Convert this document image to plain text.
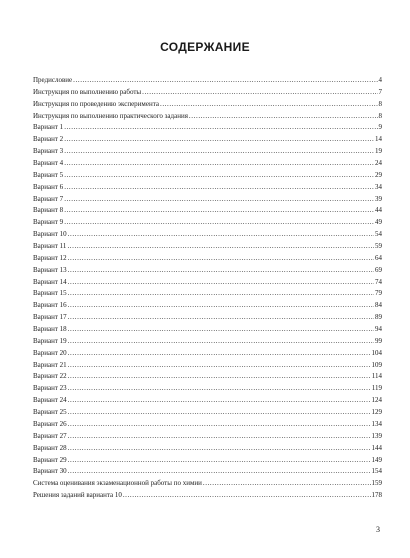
СОДЕРЖАНИЕ
Предисловие .....	4
Инструкция по выполнению работы .....	7
Инструкция по проведению эксперимента .....	8
Инструкция по выполнению практического задания .....	8
Вариант 1 .....	9
Вариант 2 .....	14
Вариант 3 .....	19
Вариант 4 .....	24
Вариант 5 .....	29
Вариант 6 .....	34
Вариант 7 .....	39
Вариант 8 .....	44
Вариант 9 .....	49
Вариант 10 .....	54
Вариант 11 .....	59
Вариант 12 .....	64
Вариант 13 .....	69
Вариант 14 .....	74
Вариант 15 .....	79
Вариант 16 .....	84
Вариант 17 .....	89
Вариант 18 .....	94
Вариант 19 .....	99
Вариант 20 .....	104
Вариант 21 .....	109
Вариант 22 .....	114
Вариант 23 .....	119
Вариант 24 .....	124
Вариант 25 .....	129
Вариант 26 .....	134
Вариант 27 .....	139
Вариант 28 .....	144
Вариант 29 .....	149
Вариант 30 .....	154
Система оценивания экзаменационной работы по химии .....	159
Решения заданий варианта 10 .....	178
3
